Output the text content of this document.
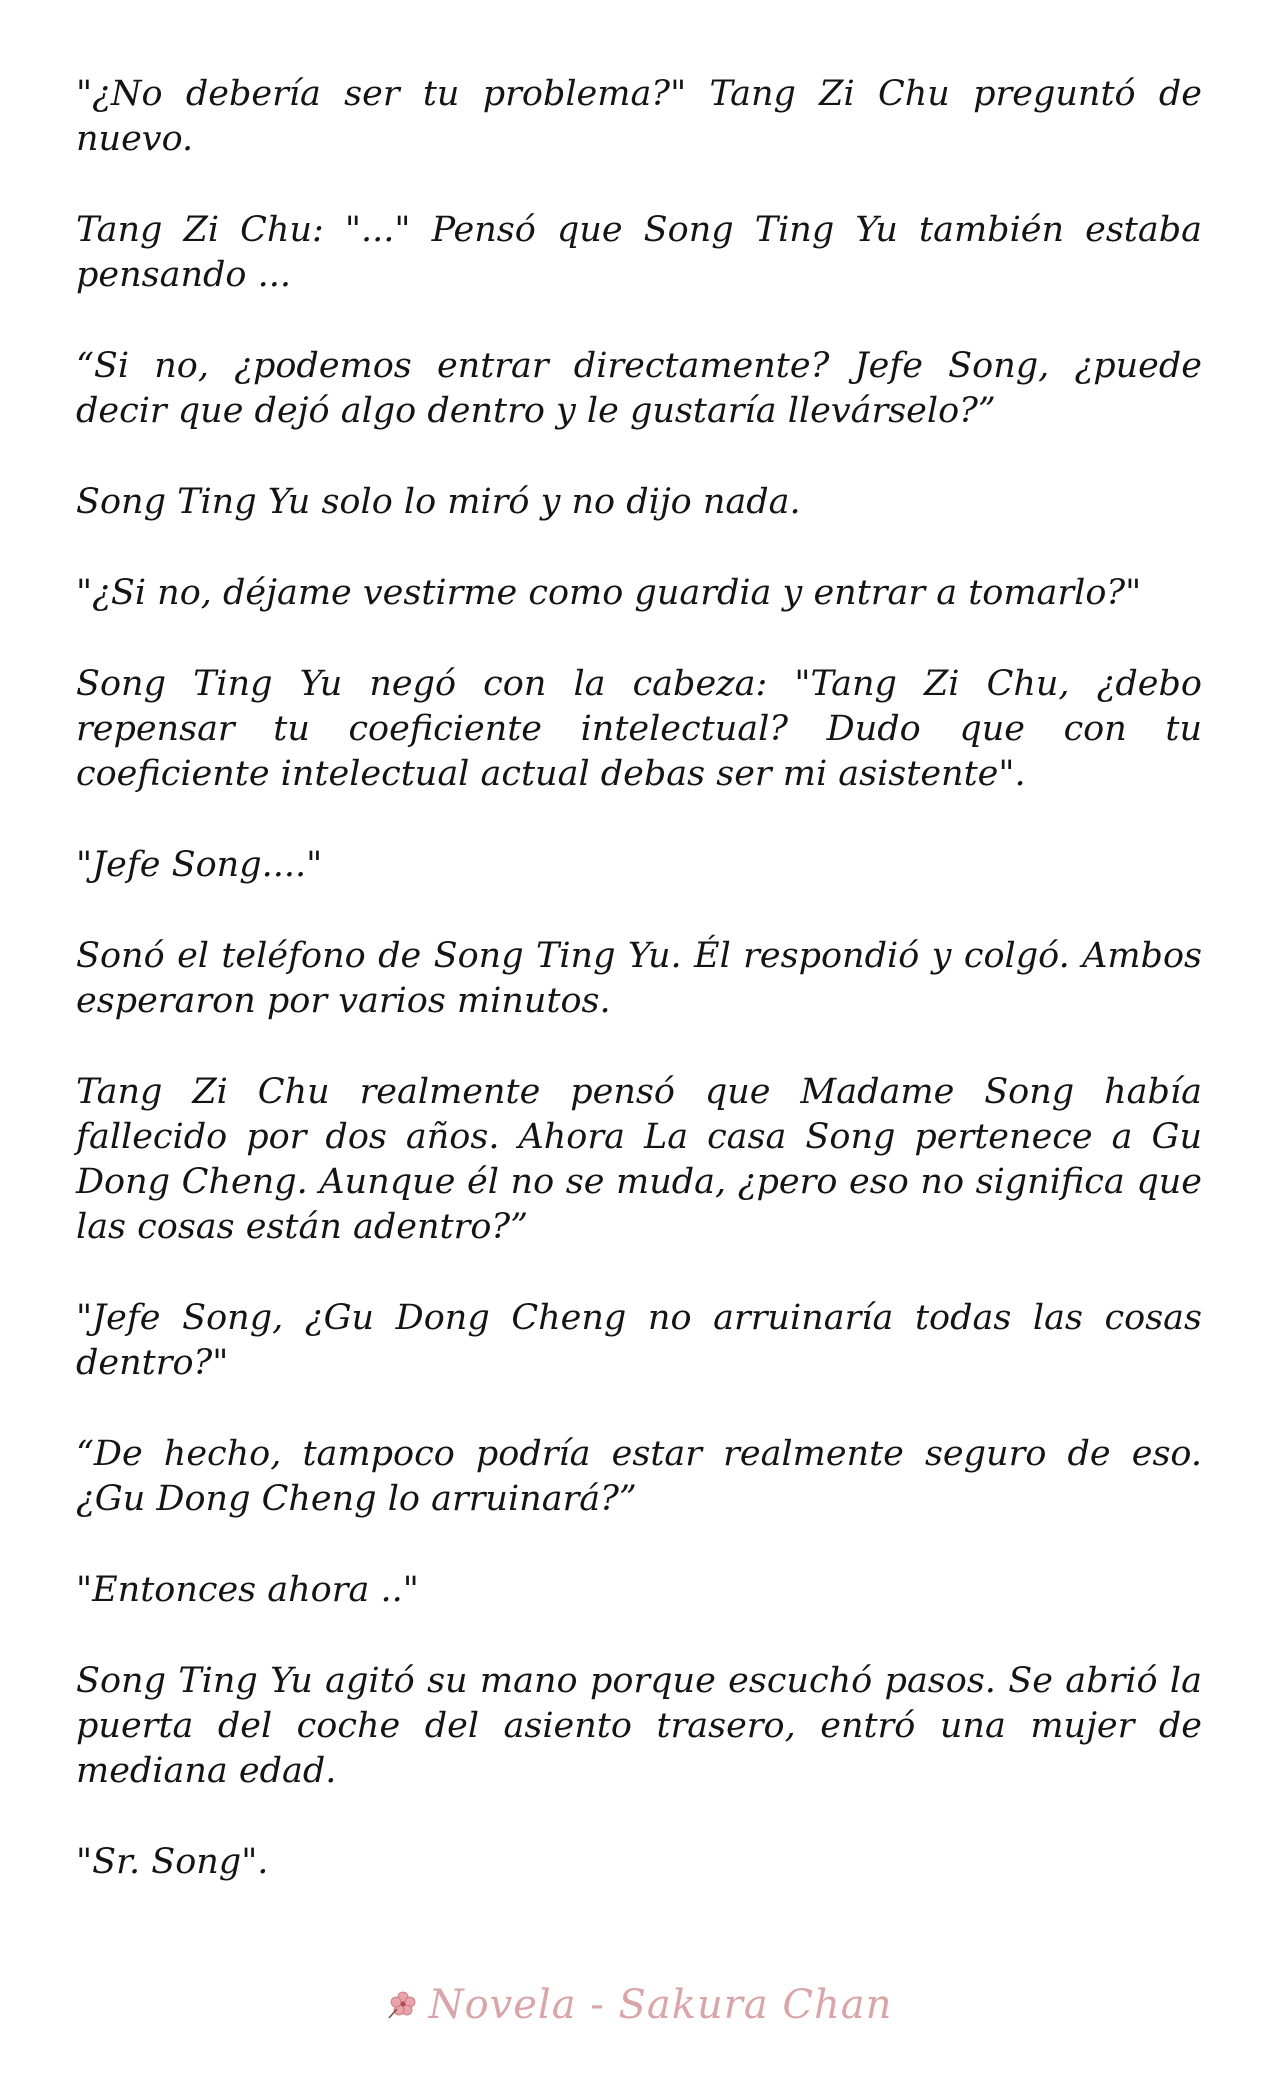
"¿No debería ser tu problema?" Tang Zi Chu preguntó de nuevo.

Tang Zi Chu: "..." Pensó que Song Ting Yu también estaba pensando ...

“Si no, ¿podemos entrar directamente? Jefe Song, ¿puede decir que dejó algo dentro y le gustaría llevárselo?”

Song Ting Yu solo lo miró y no dijo nada.

"¿Si no, déjame vestirme como guardia y entrar a tomarlo?"

Song Ting Yu negó con la cabeza: "Tang Zi Chu, ¿debo repensar tu coeficiente intelectual? Dudo que con tu coeficiente intelectual actual debas ser mi asistente".

"Jefe Song...."

Sonó el teléfono de Song Ting Yu. Él respondió y colgó. Ambos esperaron por varios minutos.

Tang Zi Chu realmente pensó que Madame Song había fallecido por dos años. Ahora La casa Song pertenece a Gu Dong Cheng. Aunque él no se muda, ¿pero eso no significa que las cosas están adentro?”

"Jefe Song, ¿Gu Dong Cheng no arruinaría todas las cosas dentro?"

“De hecho, tampoco podría estar realmente seguro de eso. ¿Gu Dong Cheng lo arruinará?”

"Entonces ahora .."

Song Ting Yu agitó su mano porque escuchó pasos. Se abrió la puerta del coche del asiento trasero, entró una mujer de mediana edad.

"Sr. Song".

Novela - Sakura Chan
